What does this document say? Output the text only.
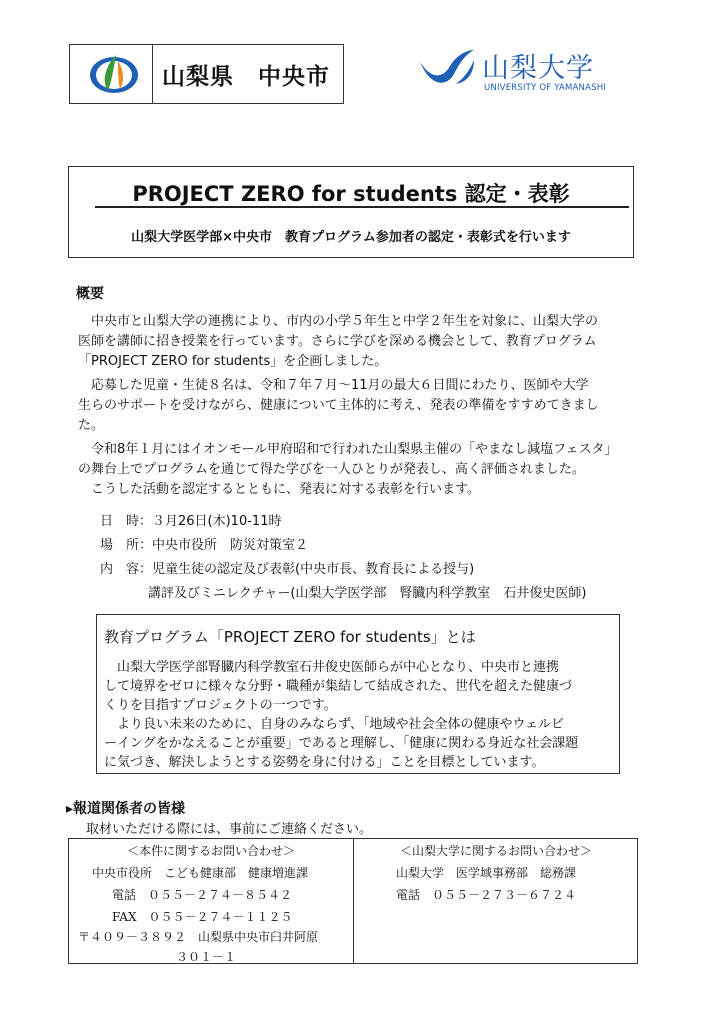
山梨県　中央市	山梨大学
UNIVERSITY OF YAMANASHI
PROJECT ZERO for students 認定・表彰
山梨大学医学部×中央市　教育プログラム参加者の認定・表彰式を行います
概要
　中央市と山梨大学の連携により、市内の小学５年生と中学２年生を対象に、山梨大学の
医師を講師に招き授業を行っています。さらに学びを深める機会として、教育プログラム
「PROJECT ZERO for students」を企画しました。
　応募した児童・生徒８名は、令和７年７月～11月の最大６日間にわたり、医師や大学
生らのサポートを受けながら、健康について主体的に考え、発表の準備をすすめてきまし
た。
　令和8年１月にはイオンモール甲府昭和で行われた山梨県主催の「やまなし減塩フェスタ」
の舞台上でプログラムを通じて得た学びを一人ひとりが発表し、高く評価されました。
　こうした活動を認定するとともに、発表に対する表彰を行います。
日　時：３月26日(木)10-11時
場　所：中央市役所　防災対策室２
内　容：児童生徒の認定及び表彰(中央市長、教育長による授与)
講評及びミニレクチャー(山梨大学医学部　腎臓内科学教室　石井俊史医師)
教育プログラム「PROJECT ZERO for students」とは
　山梨大学医学部腎臓内科学教室石井俊史医師らが中心となり、中央市と連携
して境界をゼロに様々な分野・職種が集結して結成された、世代を超えた健康づ
くりを目指すプロジェクトの一つです。
　より良い未来のために、自身のみならず、「地域や社会全体の健康やウェルビ
ーイングをかなえることが重要」であると理解し、「健康に関わる身近な社会課題
に気づき、解決しようとする姿勢を身に付ける」ことを目標としています。
▸報道関係者の皆様
取材いただける際には、事前にご連絡ください。
＜本件に関するお問い合わせ＞
中央市役所　こども健康部　健康増進課
電話　０５５－２７４－８５４２
FAX　０５５－２７４－１１２５
〒４０９－３８９２　山梨県中央市臼井阿原
３０１－１
＜山梨大学に関するお問い合わせ＞
山梨大学　医学域事務部　総務課
電話　０５５－２７３－６７２４
